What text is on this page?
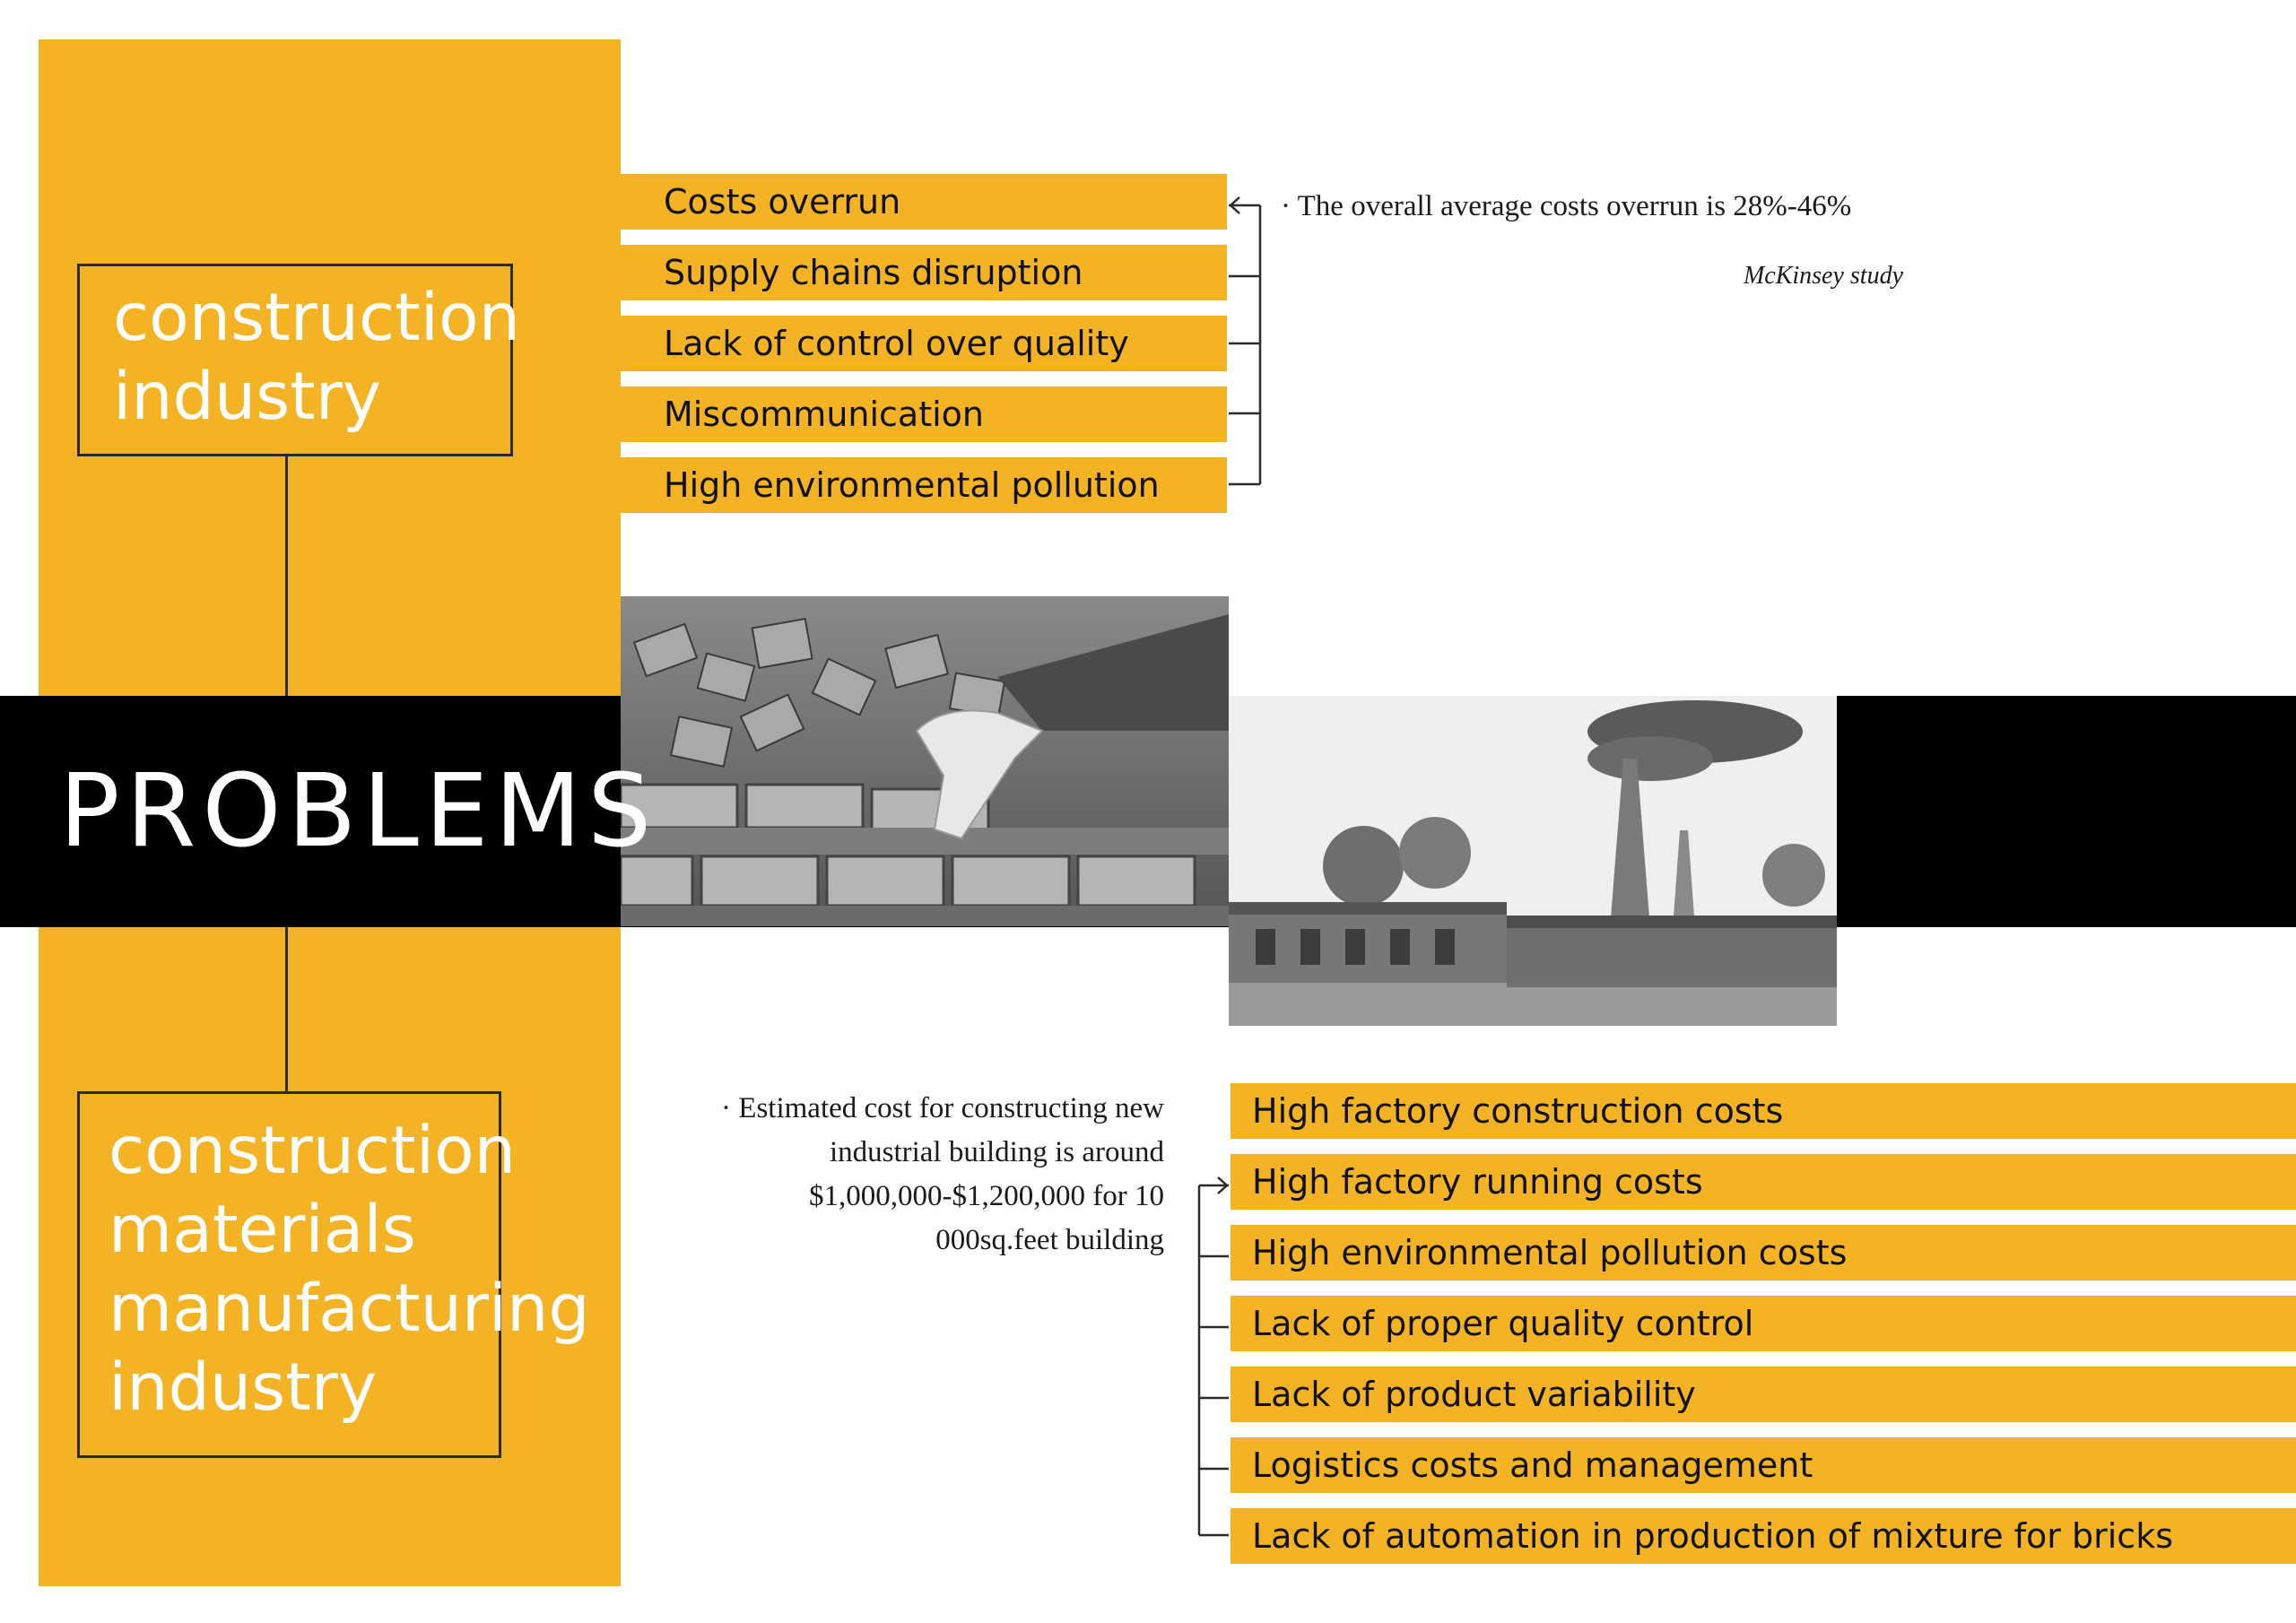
construction industry
construction materials manufacturing industry
PROBLEMS
Costs overrun
Supply chains disruption
Lack of control over quality
Miscommunication
High environmental pollution
High factory construction costs
High factory running costs
High environmental pollution costs
Lack of proper quality control
Lack of product variability
Logistics costs and management
Lack of automation in production of mixture for bricks
· The overall average costs overrun is 28%-46%
McKinsey study
· Estimated cost for constructing new industrial building is around $1,000,000-$1,200,000 for 10 000sq.feet building
